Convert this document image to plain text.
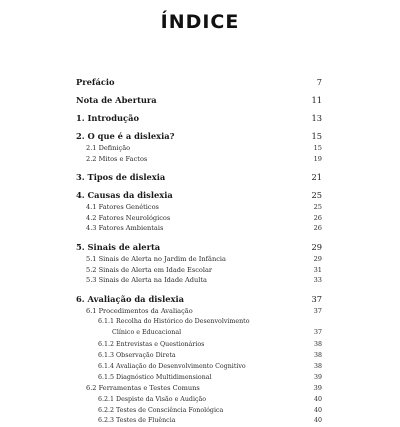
ÍNDICE
Prefácio	7
Nota de Abertura	11
1. Introdução	13
2. O que é a dislexia?	15
2.1 Definição	15
2.2 Mitos e Factos	19
3. Tipos de dislexia	21
4. Causas da dislexia	25
4.1 Fatores Genéticos	25
4.2 Fatores Neurológicos	26
4.3 Fatores Ambientais	26
5. Sinais de alerta	29
5.1 Sinais de Alerta no Jardim de Infância	29
5.2 Sinais de Alerta em Idade Escolar	31
5.3 Sinais de Alerta na Idade Adulta	33
6. Avaliação da dislexia	37
6.1 Procedimentos da Avaliação	37
6.1.1 Recolha do Histórico do Desenvolvimento
Clínico e Educacional	37
6.1.2 Entrevistas e Questionários	38
6.1.3 Observação Direta	38
6.1.4 Avaliação do Desenvolvimento Cognitivo	38
6.1.5 Diagnóstico Multidimensional	39
6.2 Ferramentas e Testes Comuns	39
6.2.1 Despiste da Visão e Audição	40
6.2.2 Testes de Consciência Fonológica	40
6.2.3 Testes de Fluência	40
